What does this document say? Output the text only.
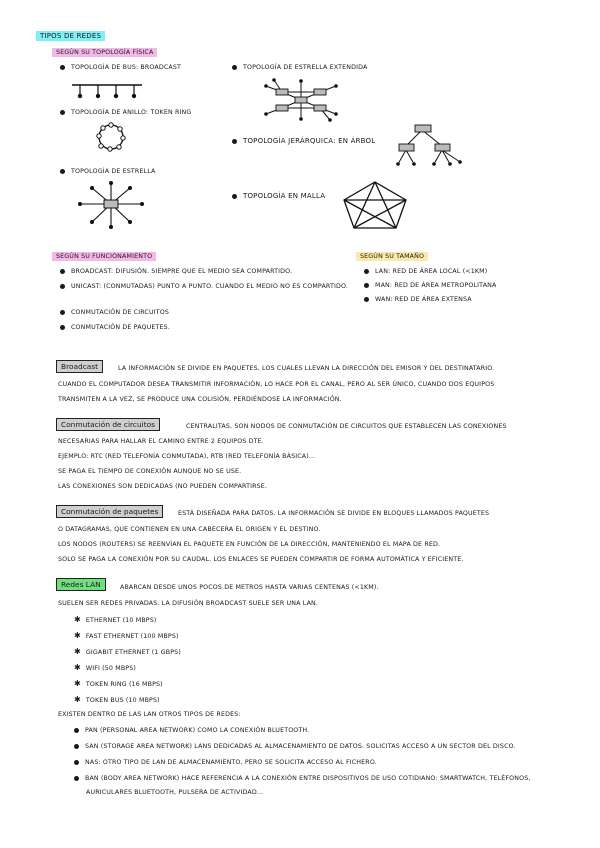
TIPOS DE REDES
SEGÚN SU TOPOLOGÍA FÍSICA
TOPOLOGÍA DE BUS: BROADCAST
TOPOLOGÍA DE ANILLO: TOKEN RING
TOPOLOGÍA DE ESTRELLA
TOPOLOGÍA DE ESTRELLA EXTENDIDA
TOPOLOGÍA JERÁRQUICA: EN ÁRBOL
TOPOLOGÍA EN MALLA
SEGÚN SU FUNCIONAMIENTO
BROADCAST: DIFUSIÓN. SIEMPRE QUE EL MEDIO SEA COMPARTIDO.
UNICAST: (CONMUTADAS) PUNTO A PUNTO. CUANDO EL MEDIO NO ES COMPARTIDO.
CONMUTACIÓN DE CIRCUITOS
CONMUTACIÓN DE PAQUETES.
SEGÚN SU TAMAÑO
LAN: RED DE ÁREA LOCAL (<1KM)
MAN: RED DE ÁREA METROPOLITANA
WAN: RED DE ÁREA EXTENSA
Broadcast	LA INFORMACIÓN SE DIVIDE EN PAQUETES, LOS CUALES LLEVAN LA DIRECCIÓN DEL EMISOR Y DEL DESTINATARIO.
CUANDO EL COMPUTADOR DESEA TRANSMITIR INFORMACIÓN, LO HACE POR EL CANAL, PERO AL SER ÚNICO, CUANDO DOS EQUIPOS
TRANSMITEN A LA VEZ, SE PRODUCE UNA COLISIÓN, PERDIÉNDOSE LA INFORMACIÓN.
Conmutación de circuitos	CENTRALITAS, SON NODOS DE CONMUTACIÓN DE CIRCUITOS QUE ESTABLECEN LAS CONEXIONES
NECESARIAS PARA HALLAR EL CAMINO ENTRE 2 EQUIPOS DTE.
EJEMPLO: RTC (RED TELEFONÍA CONMUTADA), RTB (RED TELEFONÍA BÁSICA)...
SE PAGA EL TIEMPO DE CONEXIÓN AUNQUE NO SE USE.
LAS CONEXIONES SON DEDICADAS (NO PUEDEN COMPARTIRSE.
Conmutación de paquetes	ESTÁ DISEÑADA PARA DATOS. LA INFORMACIÓN SE DIVIDE EN BLOQUES LLAMADOS PAQUETES
O DATAGRAMAS, QUE CONTIENEN EN UNA CABECERA EL ORIGEN Y EL DESTINO.
LOS NODOS (ROUTERS) SE REENVÍAN EL PAQUETE EN FUNCIÓN DE LA DIRECCIÓN, MANTENIENDO EL MAPA DE RED.
SOLO SE PAGA LA CONEXIÓN POR SU CAUDAL. LOS ENLACES SE PUEDEN COMPARTIR DE FORMA AUTOMÁTICA Y EFICIENTE.
Redes LAN	ABARCAN DESDE UNOS POCOS DE METROS HASTA VARIAS CENTENAS (<1KM).
SUELEN SER REDES PRIVADAS. LA DIFUSIÓN BROADCAST SUELE SER UNA LAN.
✱ ETHERNET (10 MBPS)
✱ FAST ETHERNET (100 MBPS)
✱ GIGABIT ETHERNET (1 GBPS)
✱ WIFI (50 MBPS)
✱ TOKEN RING (16 MBPS)
✱ TOKEN BUS (10 MBPS)
EXISTEN DENTRO DE LAS LAN OTROS TIPOS DE REDES:
PAN (PERSONAL AREA NETWORK) COMO LA CONEXIÓN BLUETOOTH.
SAN (STORAGE AREA NETWORK) LANS DEDICADAS AL ALMACENAMIENTO DE DATOS. SOLICITAS ACCESO A UN SECTOR DEL DISCO.
NAS: OTRO TIPO DE LAN DE ALMACENAMIENTO, PERO SE SOLICITA ACCESO AL FICHERO.
BAN (BODY AREA NETWORK) HACE REFERENCIA A LA CONEXIÓN ENTRE DISPOSITIVOS DE USO COTIDIANO: SMARTWATCH, TELÉFONOS,
AURICULARES BLUETOOTH, PULSERA DE ACTIVIDAD...
